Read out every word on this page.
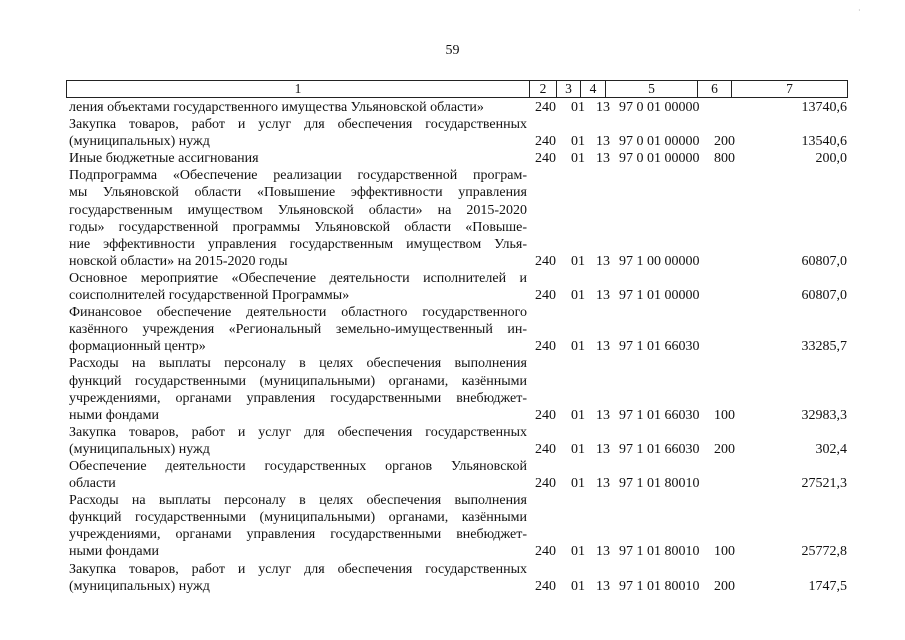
·
59
1	2	3	4	5	6	7
ления объектами государственного имущества Ульяновской области»	240 01 13 97 0 01 00000	13740,6
Закупка товаров, работ и услуг для обеспечения государственных
(муниципальных) нужд	240 01 13 97 0 01 00000 200	13540,6
Иные бюджетные ассигнования	240 01 13 97 0 01 00000 800	200,0
Подпрограмма «Обеспечение реализации государственной програм-
мы Ульяновской области «Повышение эффективности управления
государственным имуществом Ульяновской области» на 2015-2020
годы» государственной программы Ульяновской области «Повыше-
ние эффективности управления государственным имуществом Улья-
новской области» на 2015-2020 годы	240 01 13 97 1 00 00000	60807,0
Основное мероприятие «Обеспечение деятельности исполнителей и
соисполнителей государственной Программы»	240 01 13 97 1 01 00000	60807,0
Финансовое обеспечение деятельности областного государственного
казённого учреждения «Региональный земельно-имущественный ин-
формационный центр»	240 01 13 97 1 01 66030	33285,7
Расходы на выплаты персоналу в целях обеспечения выполнения
функций государственными (муниципальными) органами, казёнными
учреждениями, органами управления государственными внебюджет-
ными фондами	240 01 13 97 1 01 66030 100	32983,3
Закупка товаров, работ и услуг для обеспечения государственных
(муниципальных) нужд	240 01 13 97 1 01 66030 200	302,4
Обеспечение деятельности государственных органов Ульяновской
области	240 01 13 97 1 01 80010	27521,3
Расходы на выплаты персоналу в целях обеспечения выполнения
функций государственными (муниципальными) органами, казёнными
учреждениями, органами управления государственными внебюджет-
ными фондами	240 01 13 97 1 01 80010 100	25772,8
Закупка товаров, работ и услуг для обеспечения государственных
(муниципальных) нужд	240 01 13 97 1 01 80010 200	1747,5
